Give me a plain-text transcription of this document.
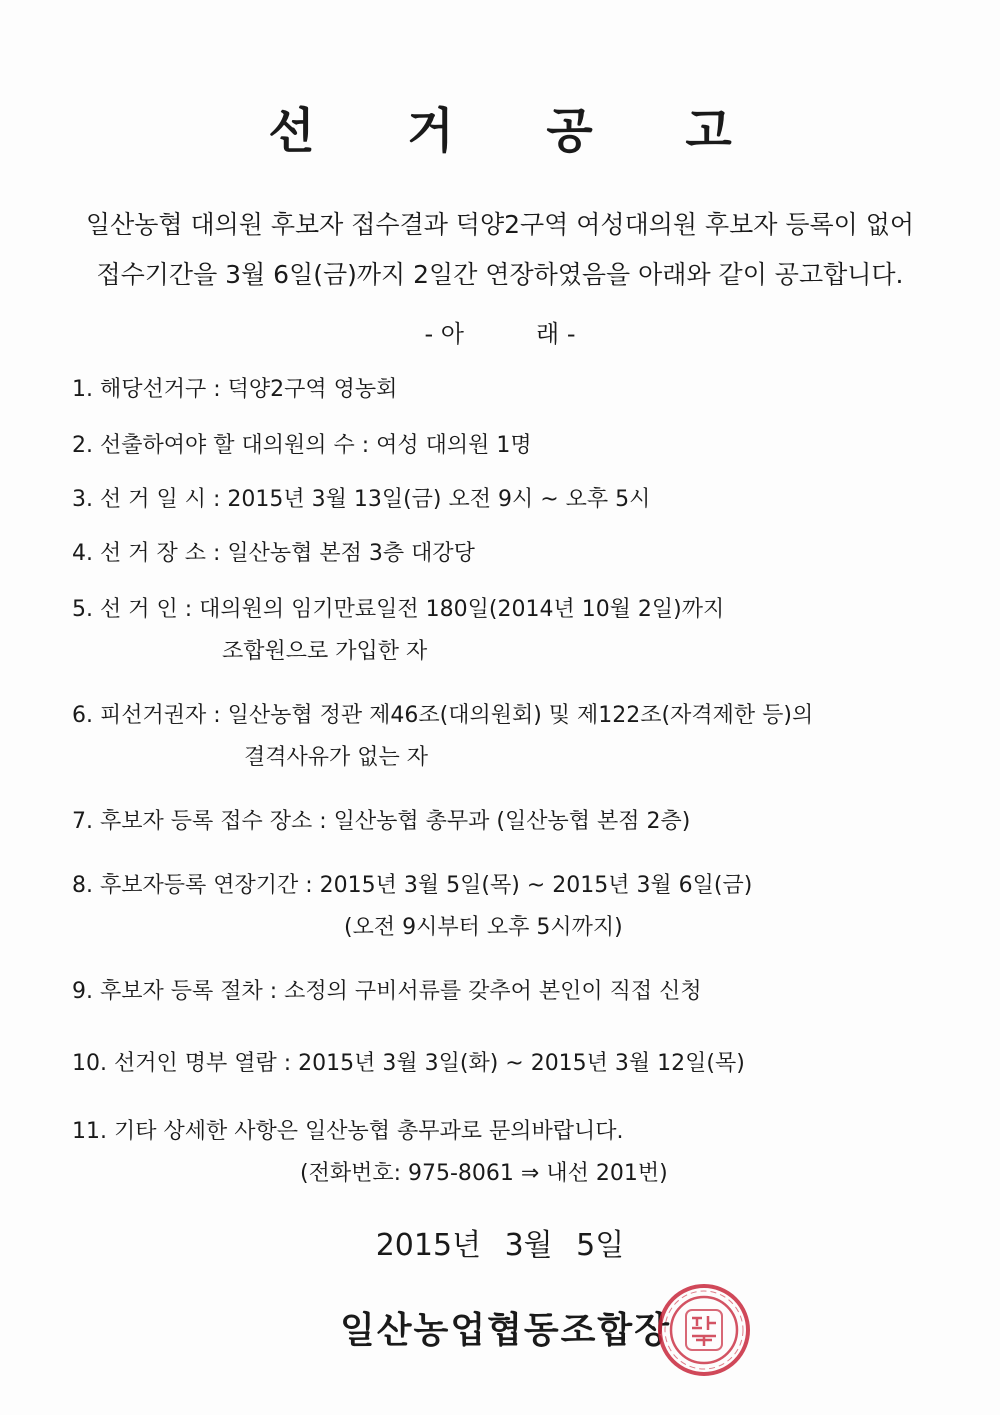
선 거 공 고
일산농협 대의원 후보자 접수결과 덕양2구역 여성대의원 후보자 등록이 없어
접수기간을 3월 6일(금)까지 2일간 연장하였음을 아래와 같이 공고합니다.
- 아	래 -
1. 해당선거구 : 덕양2구역 영농회
2. 선출하여야 할 대의원의 수 : 여성 대의원 1명
3. 선 거 일 시 : 2015년 3월 13일(금) 오전 9시 ~ 오후 5시
4. 선 거 장 소 : 일산농협 본점 3층 대강당
5. 선 거 인 : 대의원의 임기만료일전 180일(2014년 10월 2일)까지
조합원으로 가입한 자
6. 피선거권자 : 일산농협 정관 제46조(대의원회) 및 제122조(자격제한 등)의
결격사유가 없는 자
7. 후보자 등록 접수 장소 : 일산농협 총무과 (일산농협 본점 2층)
8. 후보자등록 연장기간 : 2015년 3월 5일(목) ~ 2015년 3월 6일(금)
(오전 9시부터 오후 5시까지)
9. 후보자 등록 절차 : 소정의 구비서류를 갖추어 본인이 직접 신청
10. 선거인 명부 열람 : 2015년 3월 3일(화) ~ 2015년 3월 12일(목)
11. 기타 상세한 사항은 일산농협 총무과로 문의바랍니다.
(전화번호: 975-8061 ⇒ 내선 201번)
2015년 3월 5일
일산농업협동조합장
